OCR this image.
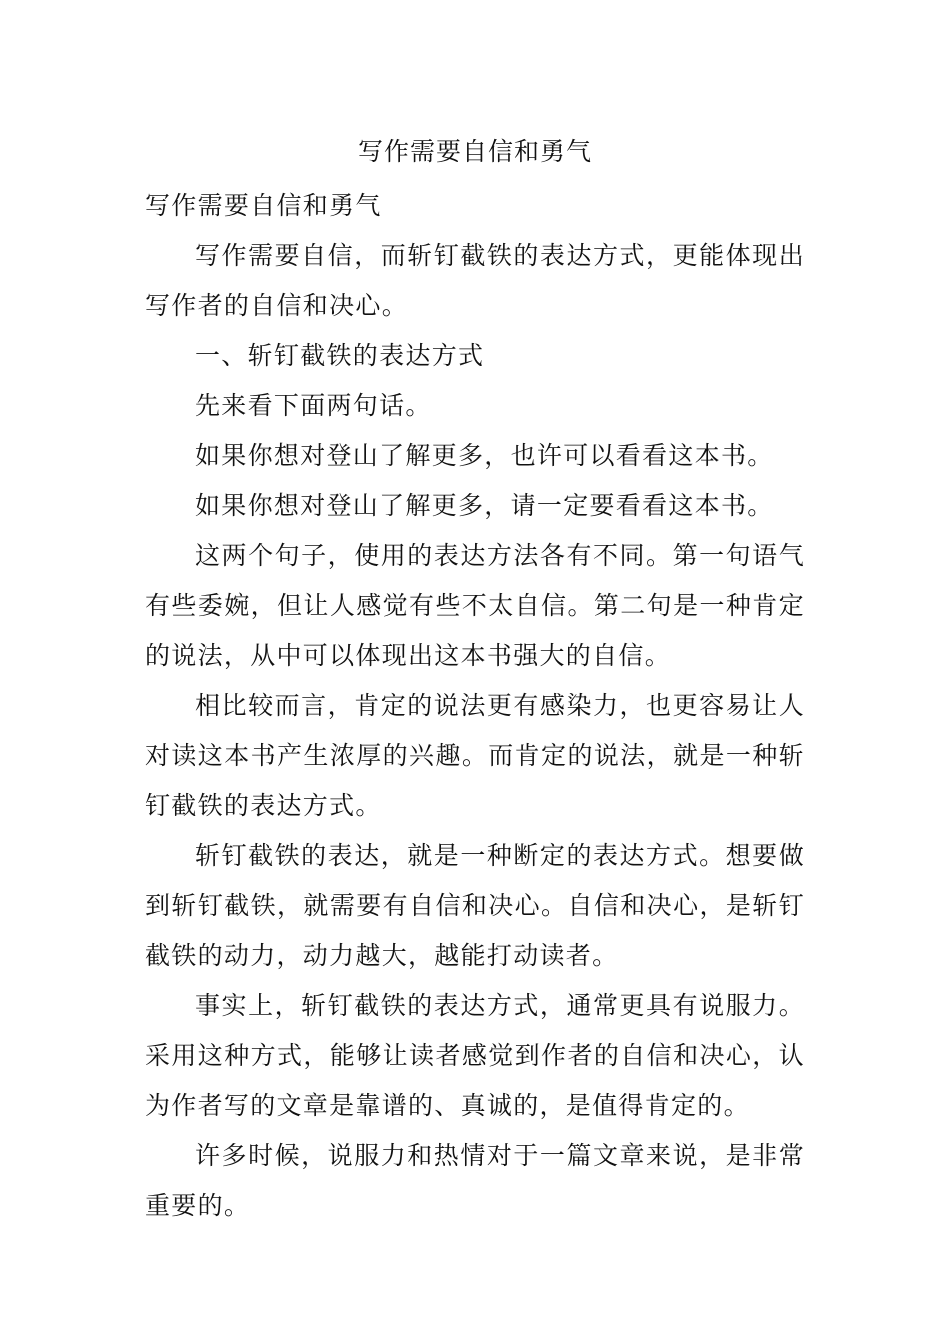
写作需要自信和勇气

写作需要自信和勇气

写作需要自信，而斩钉截铁的表达方式，更能体现出写作者的自信和决心。

一、斩钉截铁的表达方式

先来看下面两句话。

如果你想对登山了解更多，也许可以看看这本书。

如果你想对登山了解更多，请一定要看看这本书。

这两个句子，使用的表达方法各有不同。第一句语气有些委婉，但让人感觉有些不太自信。第二句是一种肯定的说法，从中可以体现出这本书强大的自信。

相比较而言，肯定的说法更有感染力，也更容易让人对读这本书产生浓厚的兴趣。而肯定的说法，就是一种斩钉截铁的表达方式。

斩钉截铁的表达，就是一种断定的表达方式。想要做到斩钉截铁，就需要有自信和决心。自信和决心，是斩钉截铁的动力，动力越大，越能打动读者。

事实上，斩钉截铁的表达方式，通常更具有说服力。采用这种方式，能够让读者感觉到作者的自信和决心，认为作者写的文章是靠谱的、真诚的，是值得肯定的。

许多时候，说服力和热情对于一篇文章来说，是非常重要的。
